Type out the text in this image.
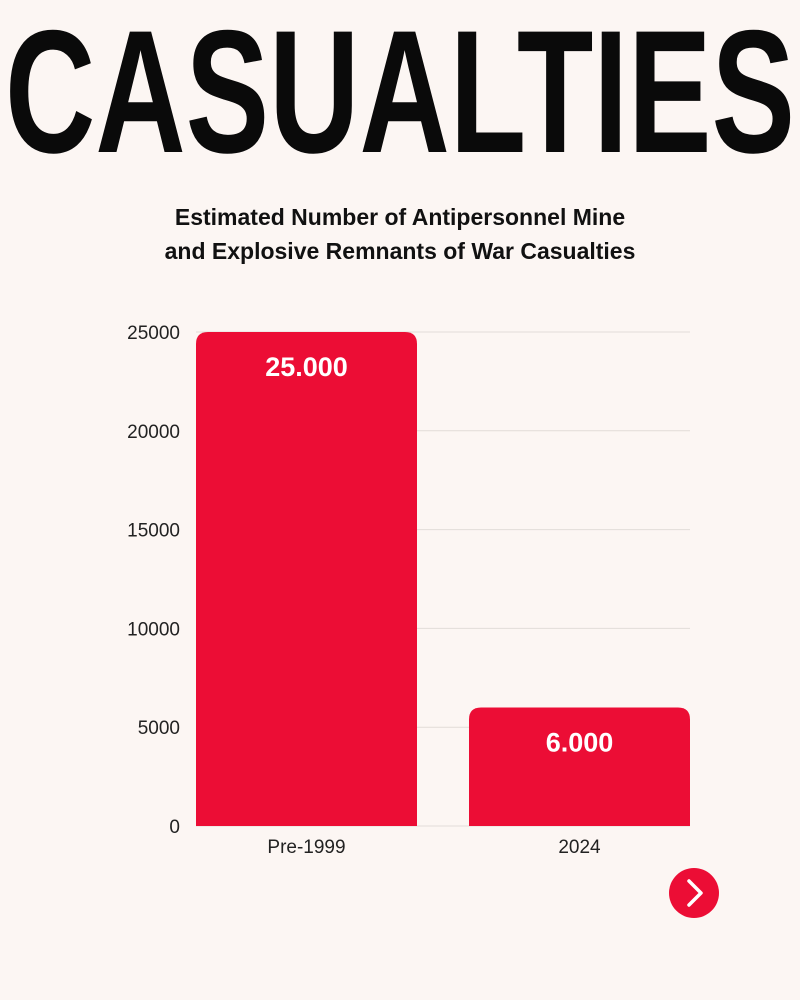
CASUALTIES
Estimated Number of Antipersonnel Mine
and Explosive Remnants of War Casualties
0
5000
10000
15000
20000
25000
25.000
6.000
Pre-1999	2024
